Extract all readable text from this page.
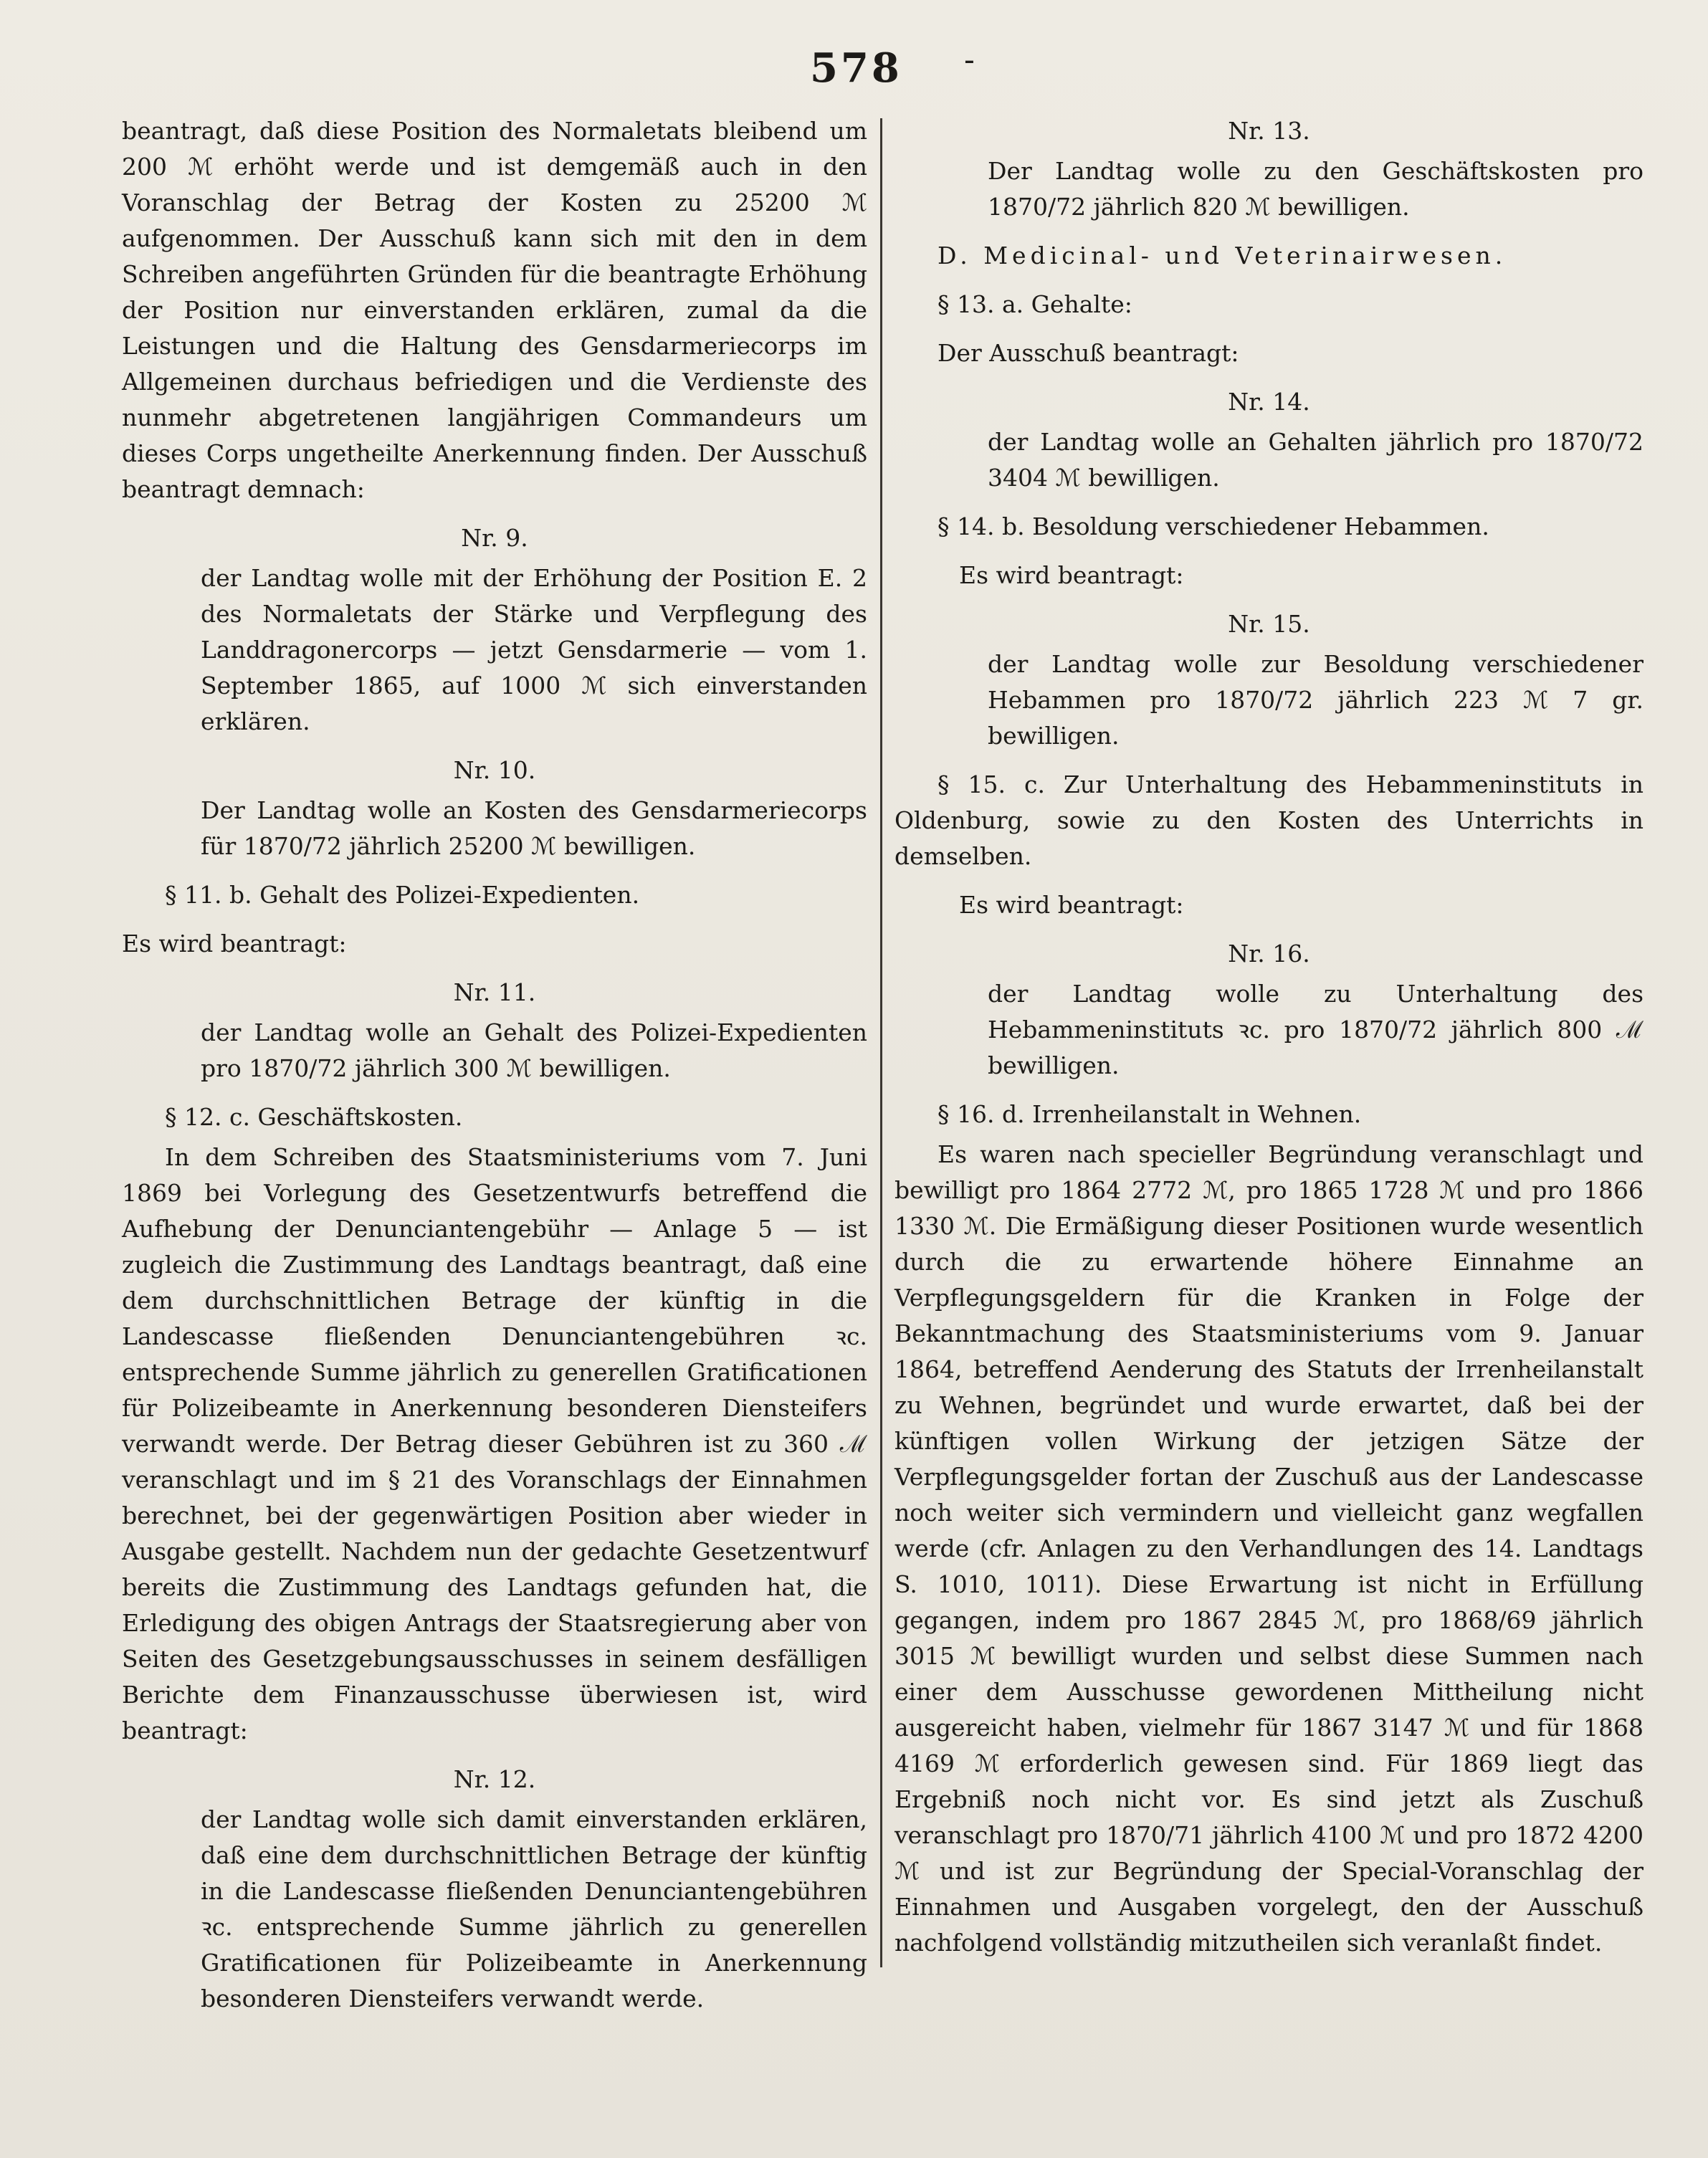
578 -

beantragt, daß diese Position des Normaletats bleibend um 200 ℳ erhöht werde und ist demgemäß auch in den Voranschlag der Betrag der Kosten zu 25200 ℳ aufgenommen. Der Ausschuß kann sich mit den in dem Schreiben angeführten Gründen für die beantragte Erhöhung der Position nur einverstanden erklären, zumal da die Leistungen und die Haltung des Gensdarmeriecorps im Allgemeinen durchaus befriedigen und die Verdienste des nunmehr abgetretenen langjährigen Commandeurs um dieses Corps ungetheilte Anerkennung finden. Der Ausschuß beantragt demnach:

Nr. 9.

der Landtag wolle mit der Erhöhung der Position E. 2 des Normaletats der Stärke und Verpflegung des Landdragonercorps — jetzt Gensdarmerie — vom 1. September 1865, auf 1000 ℳ sich einverstanden erklären.

Nr. 10.

Der Landtag wolle an Kosten des Gensdarmeriecorps für 1870/72 jährlich 25200 ℳ bewilligen.

§ 11. b. Gehalt des Polizei-Expedienten.
Es wird beantragt:
Nr. 11.

der Landtag wolle an Gehalt des Polizei-Expedienten pro 1870/72 jährlich 300 ℳ bewilligen.

§ 12. c. Geschäftskosten.

In dem Schreiben des Staatsministeriums vom 7. Juni 1869 bei Vorlegung des Gesetzentwurfs betreffend die Aufhebung der Denunciantengebühr — Anlage 5 — ist zugleich die Zustimmung des Landtags beantragt, daß eine dem durchschnittlichen Betrage der künftig in die Landescasse fließenden Denunciantengebühren ꝛc. entsprechende Summe jährlich zu generellen Gratificationen für Polizeibeamte in Anerkennung besonderen Diensteifers verwandt werde. Der Betrag dieser Gebühren ist zu 360 ℳ veranschlagt und im § 21 des Voranschlags der Einnahmen berechnet, bei der gegenwärtigen Position aber wieder in Ausgabe gestellt. Nachdem nun der gedachte Gesetzentwurf bereits die Zustimmung des Landtags gefunden hat, die Erledigung des obigen Antrags der Staatsregierung aber von Seiten des Gesetzgebungsausschusses in seinem desfälligen Berichte dem Finanzausschusse überwiesen ist, wird beantragt:

Nr. 12.

der Landtag wolle sich damit einverstanden erklären, daß eine dem durchschnittlichen Betrage der künftig in die Landescasse fließenden Denunciantengebühren ꝛc. entsprechende Summe jährlich zu generellen Gratificationen für Polizeibeamte in Anerkennung besonderen Diensteifers verwandt werde.

Nr. 13.

Der Landtag wolle zu den Geschäftskosten pro 1870/72 jährlich 820 ℳ bewilligen.

D. Medicinal- und Veterinairwesen.
§ 13. a. Gehalte:
Der Ausschuß beantragt:
Nr. 14.

der Landtag wolle an Gehalten jährlich pro 1870/72 3404 ℳ bewilligen.

§ 14. b. Besoldung verschiedener Hebammen.
Es wird beantragt:
Nr. 15.

der Landtag wolle zur Besoldung verschiedener Hebammen pro 1870/72 jährlich 223 ℳ 7 gr. bewilligen.

§ 15. c. Zur Unterhaltung des Hebammeninstituts in Oldenburg, sowie zu den Kosten des Unterrichts in demselben.

Es wird beantragt:
Nr. 16.

der Landtag wolle zu Unterhaltung des Hebammeninstituts ꝛc. pro 1870/72 jährlich 800 ℳ bewilligen.

§ 16. d. Irrenheilanstalt in Wehnen.

Es waren nach specieller Begründung veranschlagt und bewilligt pro 1864 2772 ℳ, pro 1865 1728 ℳ und pro 1866 1330 ℳ. Die Ermäßigung dieser Positionen wurde wesentlich durch die zu erwartende höhere Einnahme an Verpflegungsgeldern für die Kranken in Folge der Bekanntmachung des Staatsministeriums vom 9. Januar 1864, betreffend Aenderung des Statuts der Irrenheilanstalt zu Wehnen, begründet und wurde erwartet, daß bei der künftigen vollen Wirkung der jetzigen Sätze der Verpflegungsgelder fortan der Zuschuß aus der Landescasse noch weiter sich vermindern und vielleicht ganz wegfallen werde (cfr. Anlagen zu den Verhandlungen des 14. Landtags S. 1010, 1011). Diese Erwartung ist nicht in Erfüllung gegangen, indem pro 1867 2845 ℳ, pro 1868/69 jährlich 3015 ℳ bewilligt wurden und selbst diese Summen nach einer dem Ausschusse gewordenen Mittheilung nicht ausgereicht haben, vielmehr für 1867 3147 ℳ und für 1868 4169 ℳ erforderlich gewesen sind. Für 1869 liegt das Ergebniß noch nicht vor. Es sind jetzt als Zuschuß veranschlagt pro 1870/71 jährlich 4100 ℳ und pro 1872 4200 ℳ und ist zur Begründung der Special-Voranschlag der Einnahmen und Ausgaben vorgelegt, den der Ausschuß nachfolgend vollständig mitzutheilen sich veranlaßt findet.
